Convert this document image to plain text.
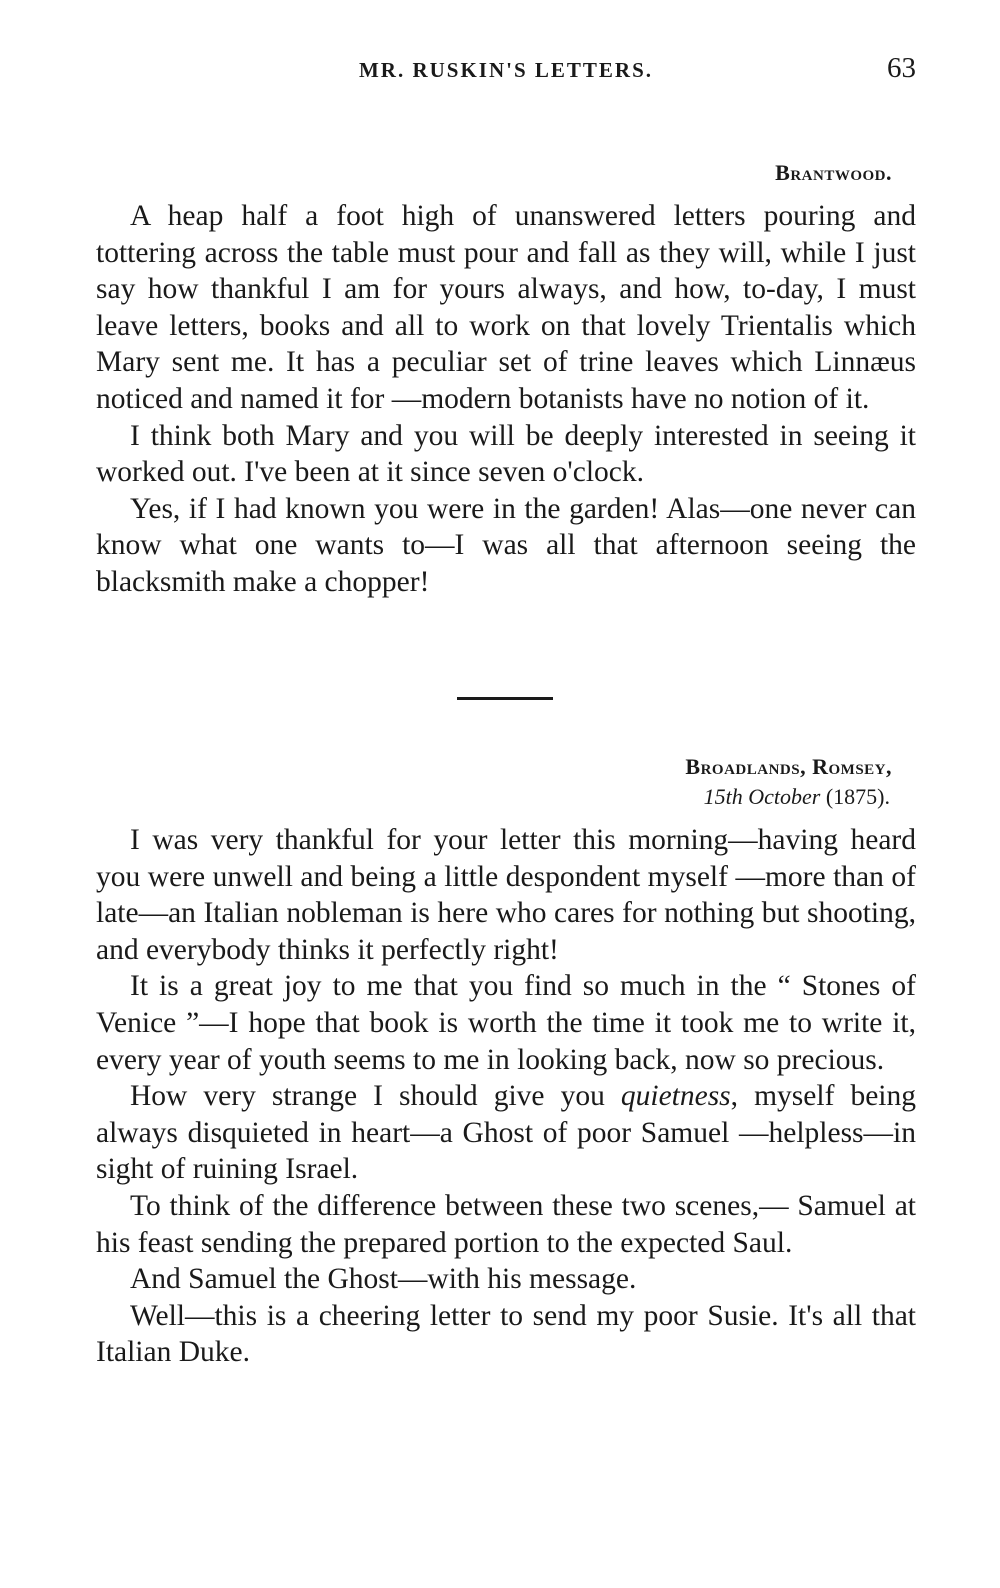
MR. RUSKIN'S LETTERS.	63
Brantwood.

A heap half a foot high of unanswered letters pouring and tottering across the table must pour and fall as they will, while I just say how thankful I am for yours always, and how, to-day, I must leave letters, books and all to work on that lovely Trientalis which Mary sent me. It has a peculiar set of trine leaves which Linnæus noticed and named it for —modern botanists have no notion of it.

I think both Mary and you will be deeply interested in seeing it worked out. I've been at it since seven o'clock.

Yes, if I had known you were in the garden! Alas—one never can know what one wants to—I was all that afternoon seeing the blacksmith make a chopper!

Broadlands, Romsey,
15th October (1875).

I was very thankful for your letter this morning—having heard you were unwell and being a little despondent myself —more than of late—an Italian nobleman is here who cares for nothing but shooting, and everybody thinks it perfectly right!

It is a great joy to me that you find so much in the “ Stones of Venice ”—I hope that book is worth the time it took me to write it, every year of youth seems to me in looking back, now so precious.

How very strange I should give you quietness, myself being always disquieted in heart—a Ghost of poor Samuel —helpless—in sight of ruining Israel.

To think of the difference between these two scenes,— Samuel at his feast sending the prepared portion to the expected Saul.

And Samuel the Ghost—with his message.

Well—this is a cheering letter to send my poor Susie. It's all that Italian Duke.
